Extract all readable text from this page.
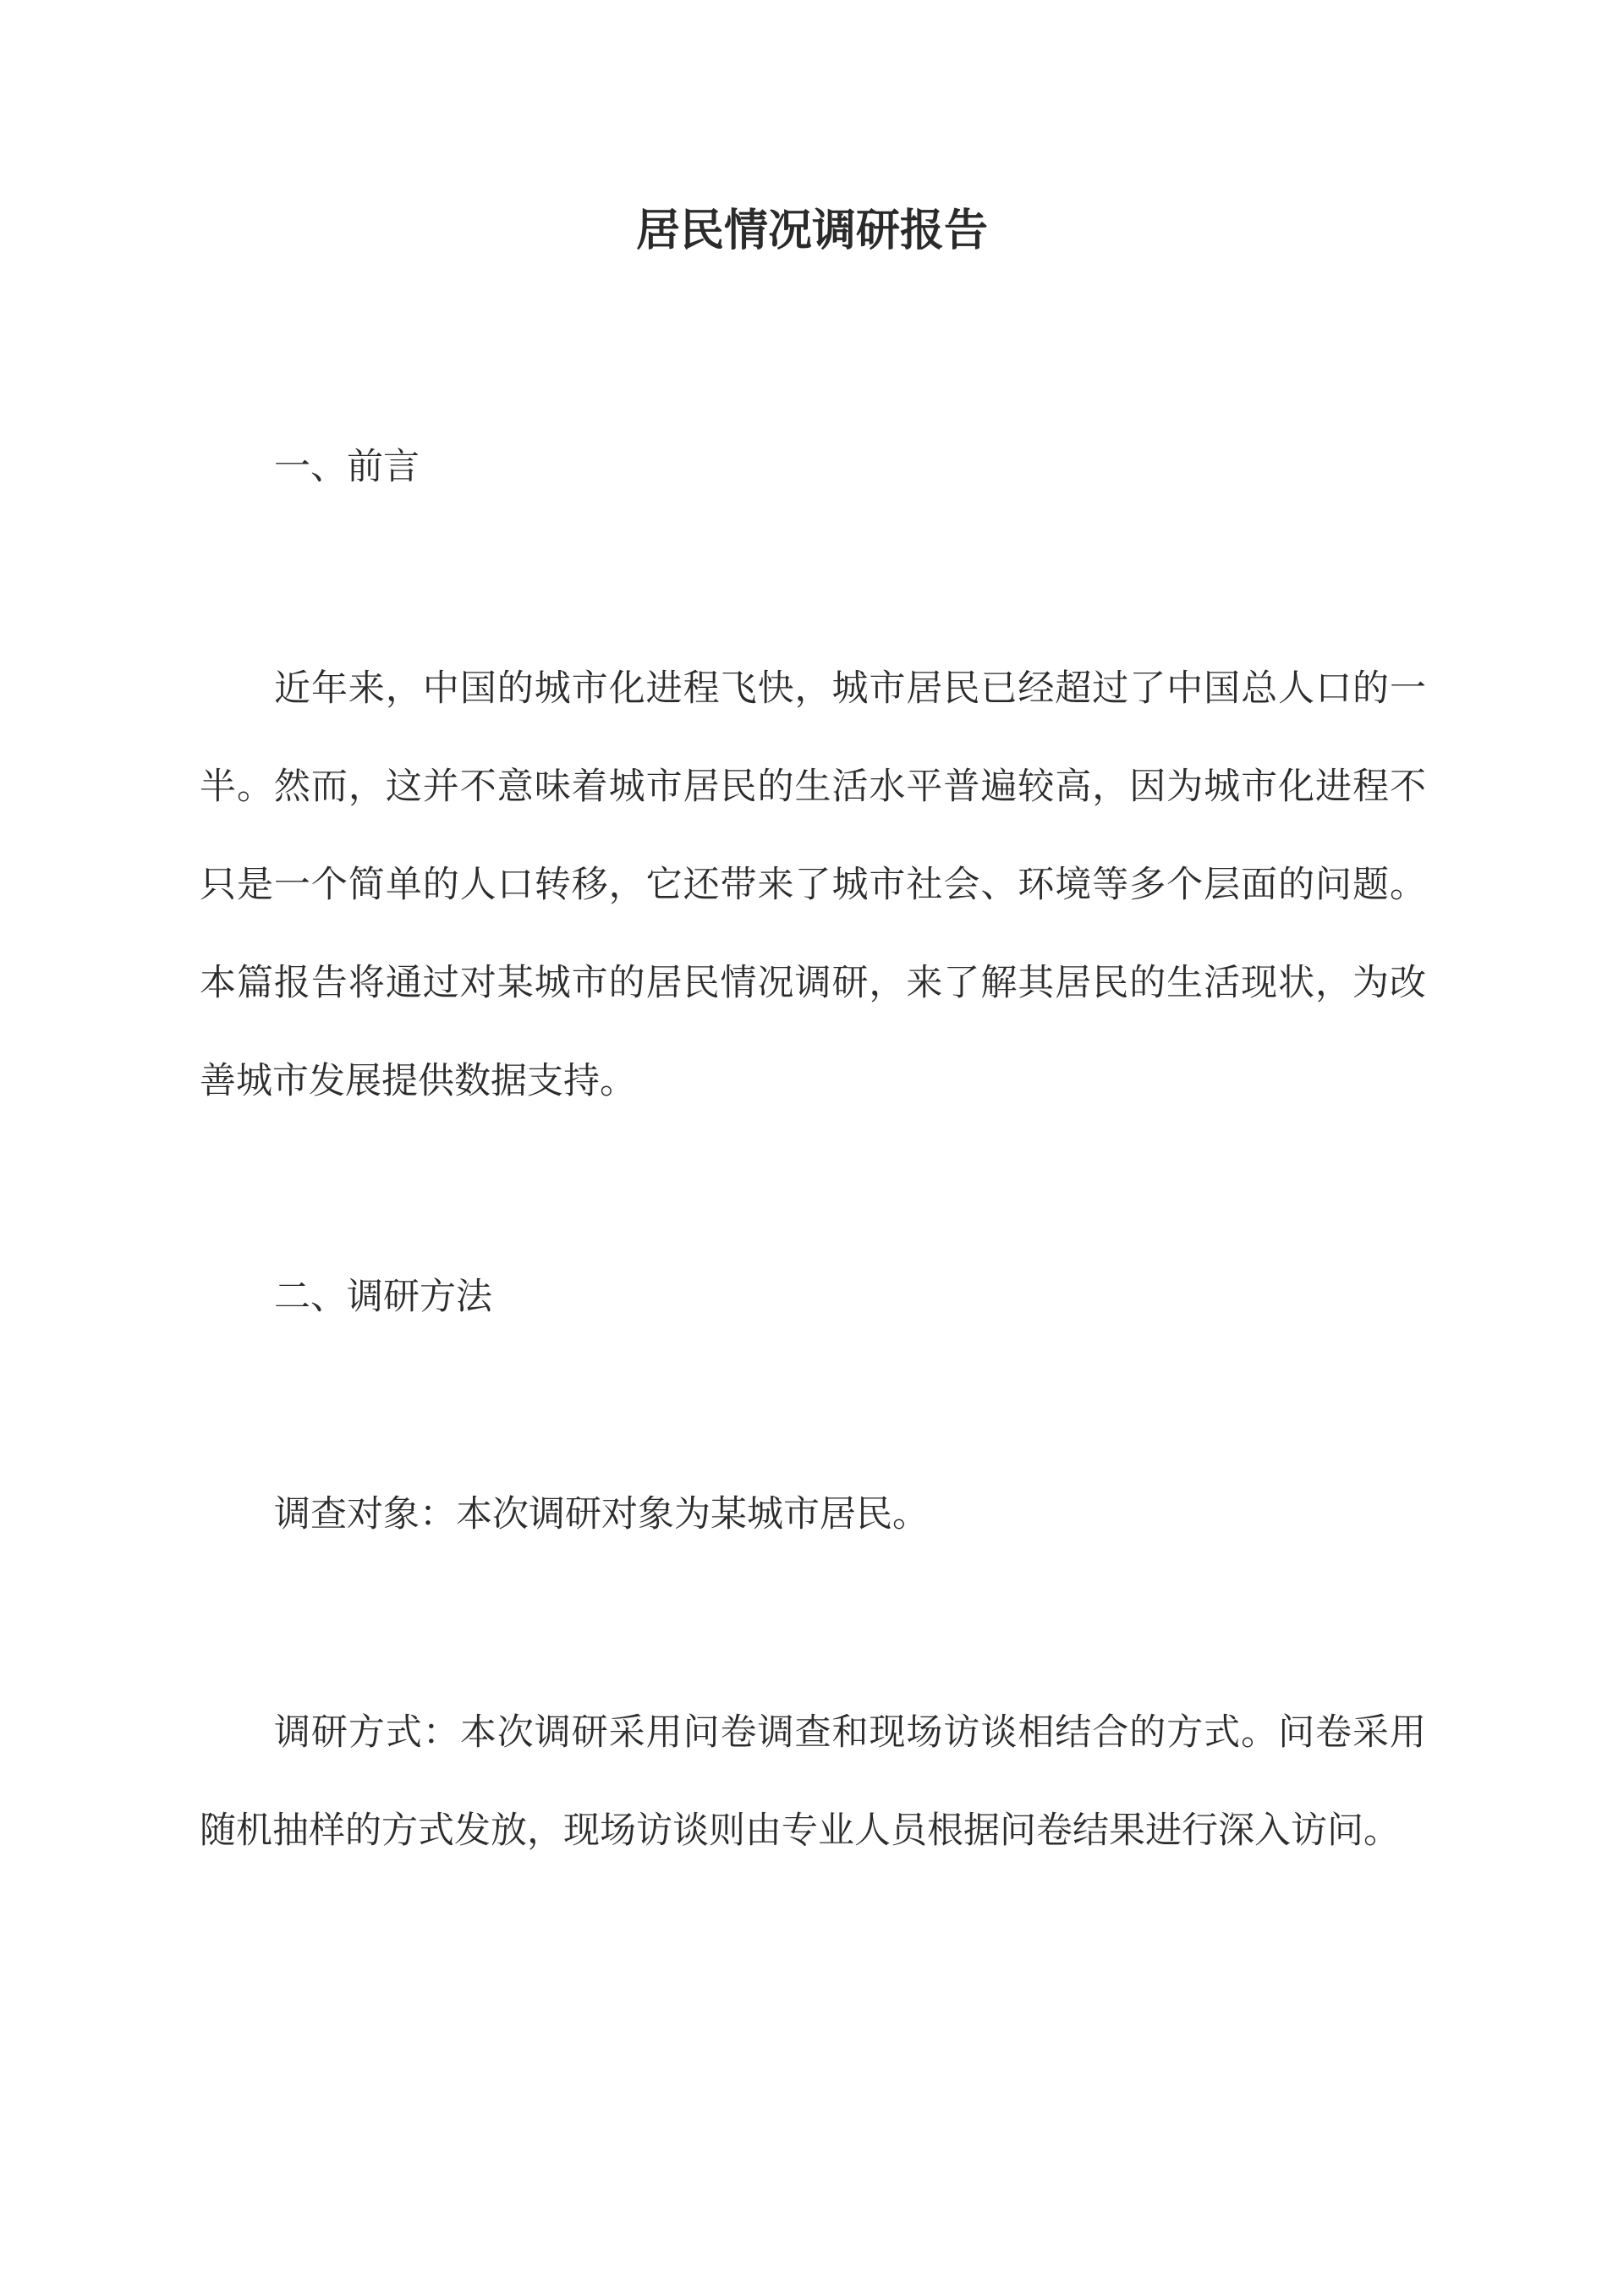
居民情况调研报告

一、前言

近年来，中国的城市化进程飞快，城市居民已经超过了中国总人口的一半。然而，这并不意味着城市居民的生活水平普遍较高，因为城市化进程不只是一个简单的人口转移，它还带来了城市社会、环境等多个层面的问题。本篇报告将通过对某城市的居民情况调研，来了解其居民的生活现状，为改善城市发展提供数据支持。

二、调研方法

调查对象：本次调研对象为某城市居民。

调研方式：本次调研采用问卷调查和现场访谈相结合的方式。问卷采用随机抽样的方式发放，现场访谈则由专业人员根据问卷结果进行深入访问。
